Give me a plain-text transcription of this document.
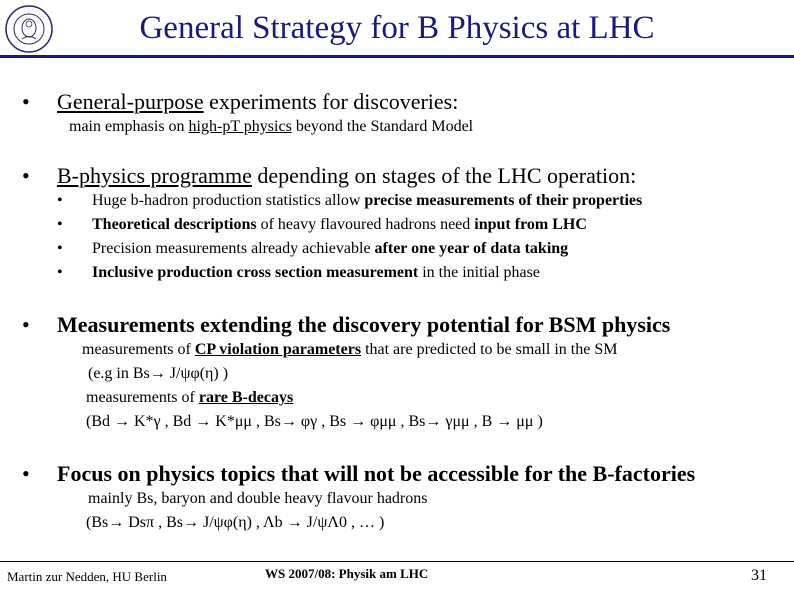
General Strategy for B Physics at LHC
• General-purpose experiments for discoveries:
main emphasis on high-pT physics beyond the Standard Model
• B-physics programme depending on stages of the LHC operation:
• Huge b-hadron production statistics allow precise measurements of their properties
• Theoretical descriptions of heavy flavoured hadrons need input from LHC
• Precision measurements already achievable after one year of data taking
• Inclusive production cross section measurement in the initial phase
• Measurements extending the discovery potential for BSM physics
measurements of CP violation parameters that are predicted to be small in the SM
(e.g in Bs→ J/ψφ(η) )
measurements of rare B-decays
(Bd → K*γ , Bd → K*μμ , Bs→ φγ , Bs → φμμ , Bs→ γμμ , B → μμ )
• Focus on physics topics that will not be accessible for the B-factories
mainly Bs, baryon and double heavy flavour hadrons
(Bs→ Dsπ , Bs→ J/ψφ(η) , Λb → J/ψΛ0 , … )
Martin zur Nedden, HU Berlin	WS 2007/08: Physik am LHC	31
